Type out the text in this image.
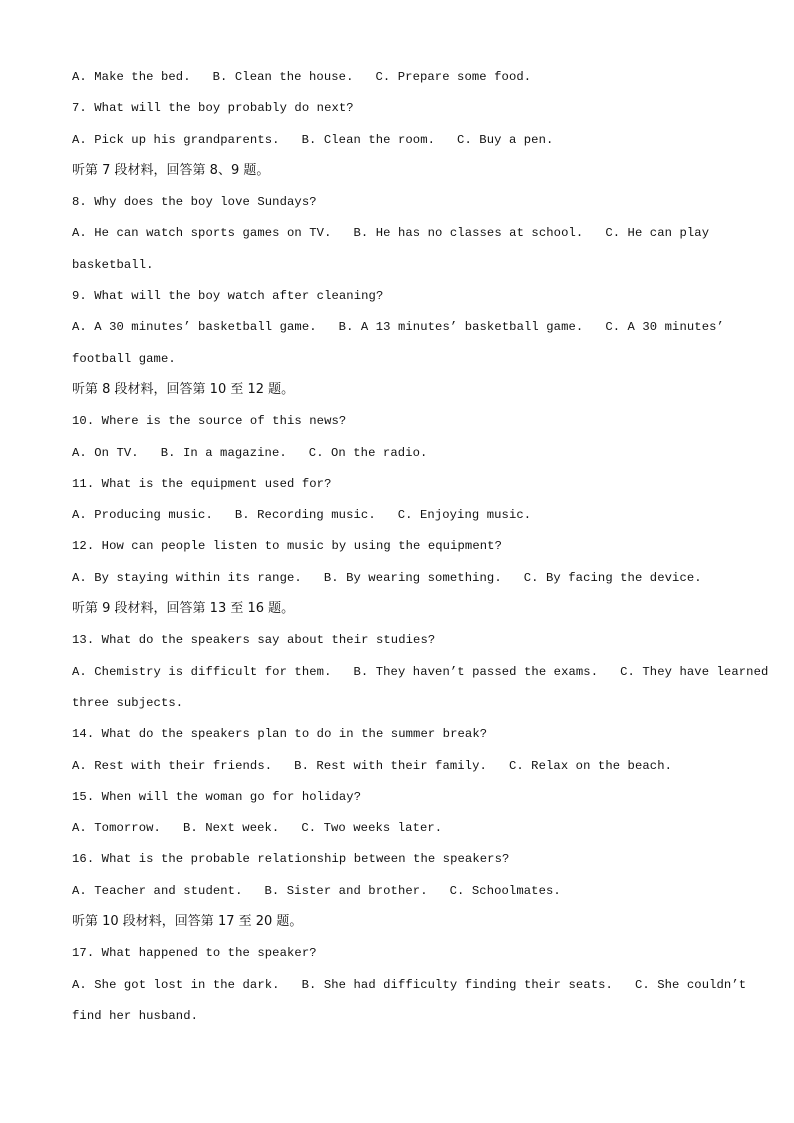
A. Make the bed. B. Clean the house. C. Prepare some food.
7. What will the boy probably do next?
A. Pick up his grandparents. B. Clean the room. C. Buy a pen.
听第 7 段材料，回答第 8、9 题。
8. Why does the boy love Sundays?
A. He can watch sports games on TV. B. He has no classes at school. C. He can play
basketball.
9. What will the boy watch after cleaning?
A. A 30 minutes’ basketball game. B. A 13 minutes’ basketball game. C. A 30 minutes’
football game.
听第 8 段材料，回答第 10 至 12 题。
10. Where is the source of this news?
A. On TV. B. In a magazine. C. On the radio.
11. What is the equipment used for?
A. Producing music. B. Recording music. C. Enjoying music.
12. How can people listen to music by using the equipment?
A. By staying within its range. B. By wearing something. C. By facing the device.
听第 9 段材料，回答第 13 至 16 题。
13. What do the speakers say about their studies?
A. Chemistry is difficult for them. B. They haven’t passed the exams. C. They have learned
three subjects.
14. What do the speakers plan to do in the summer break?
A. Rest with their friends. B. Rest with their family. C. Relax on the beach.
15. When will the woman go for holiday?
A. Tomorrow. B. Next week. C. Two weeks later.
16. What is the probable relationship between the speakers?
A. Teacher and student. B. Sister and brother. C. Schoolmates.
听第 10 段材料，回答第 17 至 20 题。
17. What happened to the speaker?
A. She got lost in the dark. B. She had difficulty finding their seats. C. She couldn’t
find her husband.
